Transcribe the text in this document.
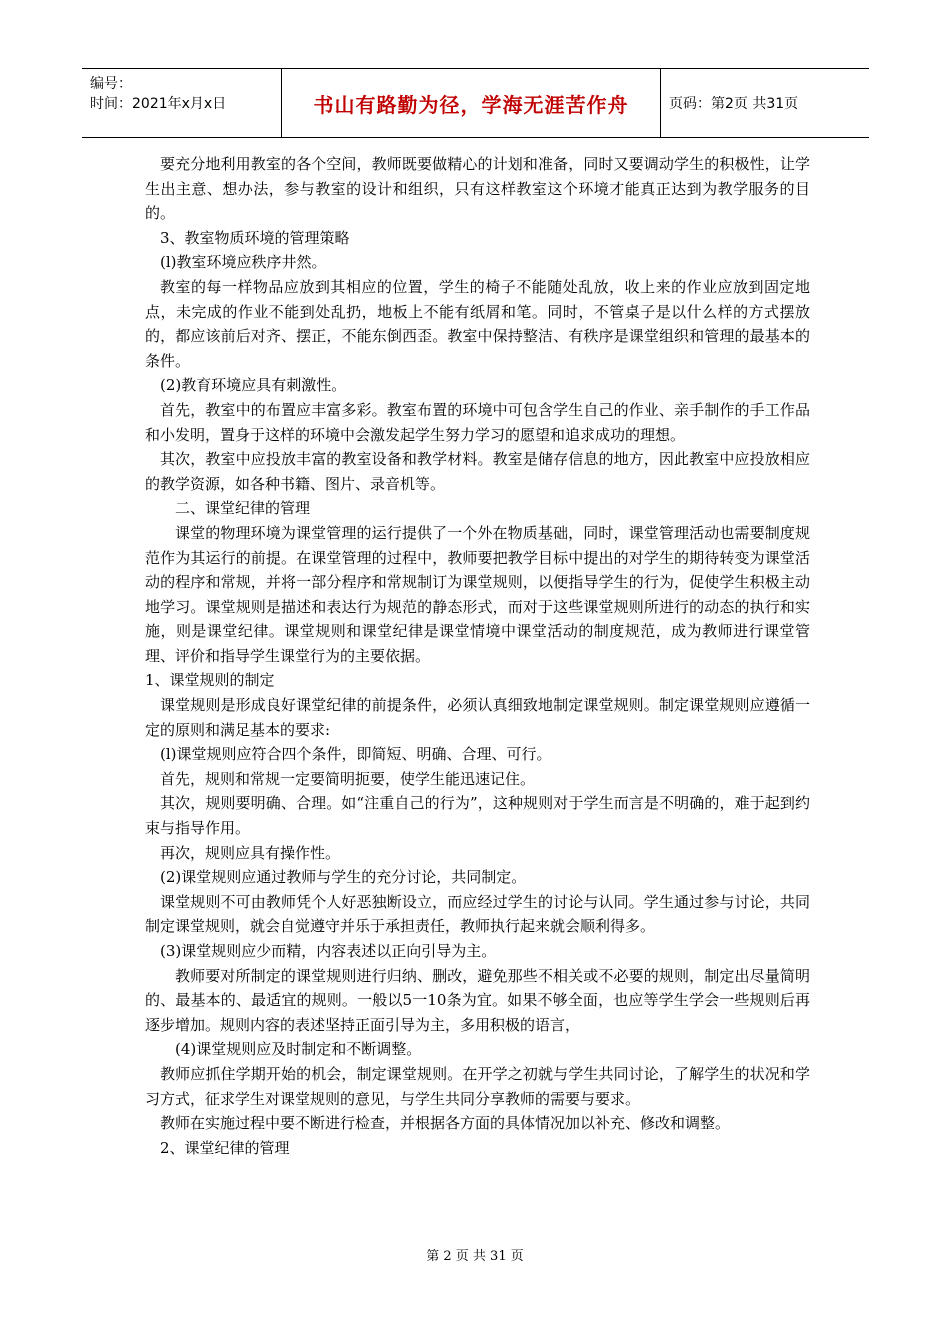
编号：
时间：2021年x月x日	书山有路勤为径，学海无涯苦作舟	页码：第2页 共31页

要充分地利用教室的各个空间，教师既要做精心的计划和准备，同时又要调动学生的积极性，让学生出主意、想办法，参与教室的设计和组织，只有这样教室这个环境才能真正达到为教学服务的目的。

3、教室物质环境的管理策略

(l)教室环境应秩序井然。

教室的每一样物品应放到其相应的位置，学生的椅子不能随处乱放，收上来的作业应放到固定地点，未完成的作业不能到处乱扔，地板上不能有纸屑和笔。同时，不管桌子是以什么样的方式摆放的，都应该前后对齐、摆正，不能东倒西歪。教室中保持整洁、有秩序是课堂组织和管理的最基本的条件。

(2)教育环境应具有刺激性。

首先，教室中的布置应丰富多彩。教室布置的环境中可包含学生自己的作业、亲手制作的手工作品和小发明，置身于这样的环境中会激发起学生努力学习的愿望和追求成功的理想。

其次，教室中应投放丰富的教室设备和教学材料。教室是储存信息的地方，因此教室中应投放相应的教学资源，如各种书籍、图片、录音机等。

二、课堂纪律的管理

课堂的物理环境为课堂管理的运行提供了一个外在物质基础，同时，课堂管理活动也需要制度规范作为其运行的前提。在课堂管理的过程中，教师要把教学目标中提出的对学生的期待转变为课堂活动的程序和常规，并将一部分程序和常规制订为课堂规则，以便指导学生的行为，促使学生积极主动地学习。课堂规则是描述和表达行为规范的静态形式，而对于这些课堂规则所进行的动态的执行和实施，则是课堂纪律。课堂规则和课堂纪律是课堂情境中课堂活动的制度规范，成为教师进行课堂管理、评价和指导学生课堂行为的主要依据。

1、课堂规则的制定

课堂规则是形成良好课堂纪律的前提条件，必须认真细致地制定课堂规则。制定课堂规则应遵循一定的原则和满足基本的要求:

(l)课堂规则应符合四个条件，即简短、明确、合理、可行。

首先，规则和常规一定要简明扼要，使学生能迅速记住。

其次，规则要明确、合理。如“注重自己的行为”，这种规则对于学生而言是不明确的，难于起到约束与指导作用。

再次，规则应具有操作性。

(2)课堂规则应通过教师与学生的充分讨论，共同制定。

课堂规则不可由教师凭个人好恶独断设立，而应经过学生的讨论与认同。学生通过参与讨论，共同制定课堂规则，就会自觉遵守并乐于承担责任，教师执行起来就会顺利得多。

(3)课堂规则应少而精，内容表述以正向引导为主。

教师要对所制定的课堂规则进行归纳、删改，避免那些不相关或不必要的规则，制定出尽量简明的、最基本的、最适宜的规则。一般以5一10条为宜。如果不够全面，也应等学生学会一些规则后再逐步增加。规则内容的表述坚持正面引导为主，多用积极的语言，

(4)课堂规则应及时制定和不断调整。

教师应抓住学期开始的机会，制定课堂规则。在开学之初就与学生共同讨论，了解学生的状况和学习方式，征求学生对课堂规则的意见，与学生共同分享教师的需要与要求。

教师在实施过程中要不断进行检查，并根据各方面的具体情况加以补充、修改和调整。

2、课堂纪律的管理

第 2 页 共 31 页
